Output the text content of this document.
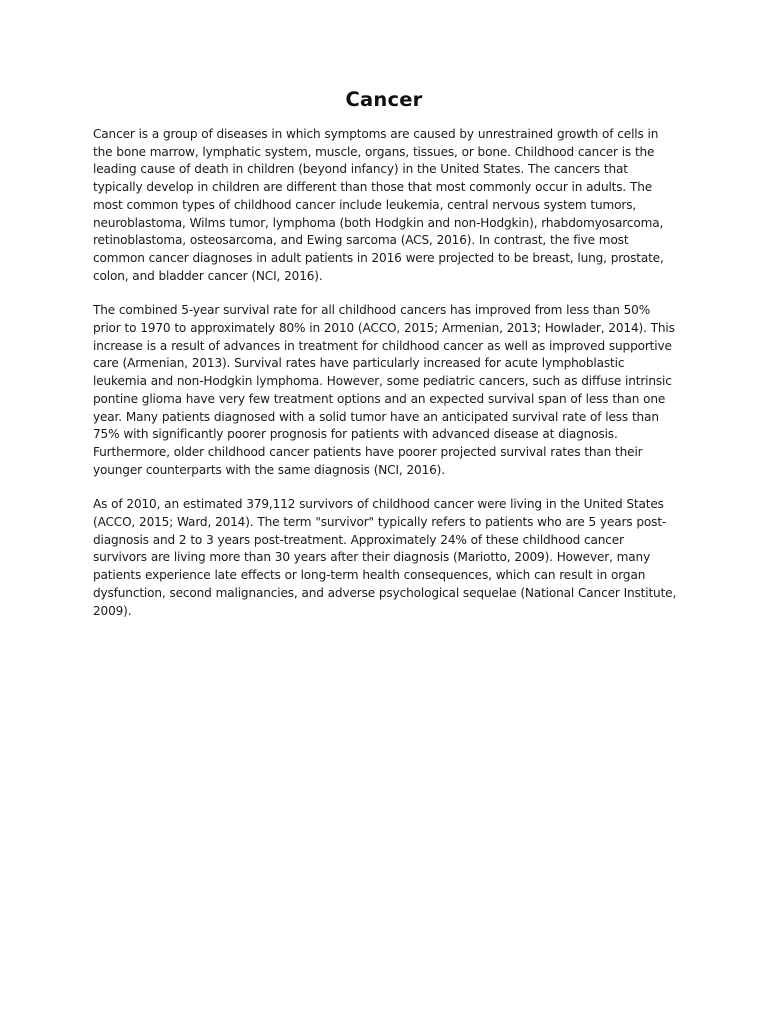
Cancer

Cancer is a group of diseases in which symptoms are caused by unrestrained growth of cells in the bone marrow, lymphatic system, muscle, organs, tissues, or bone. Childhood cancer is the leading cause of death in children (beyond infancy) in the United States. The cancers that typically develop in children are different than those that most commonly occur in adults. The most common types of childhood cancer include leukemia, central nervous system tumors, neuroblastoma, Wilms tumor, lymphoma (both Hodgkin and non-Hodgkin), rhabdomyosarcoma, retinoblastoma, osteosarcoma, and Ewing sarcoma (ACS, 2016). In contrast, the five most common cancer diagnoses in adult patients in 2016 were projected to be breast, lung, prostate, colon, and bladder cancer (NCI, 2016).

The combined 5-year survival rate for all childhood cancers has improved from less than 50% prior to 1970 to approximately 80% in 2010 (ACCO, 2015; Armenian, 2013; Howlader, 2014). This increase is a result of advances in treatment for childhood cancer as well as improved supportive care (Armenian, 2013). Survival rates have particularly increased for acute lymphoblastic leukemia and non-Hodgkin lymphoma. However, some pediatric cancers, such as diffuse intrinsic pontine glioma have very few treatment options and an expected survival span of less than one year. Many patients diagnosed with a solid tumor have an anticipated survival rate of less than 75% with significantly poorer prognosis for patients with advanced disease at diagnosis. Furthermore, older childhood cancer patients have poorer projected survival rates than their younger counterparts with the same diagnosis (NCI, 2016).

As of 2010, an estimated 379,112 survivors of childhood cancer were living in the United States (ACCO, 2015; Ward, 2014). The term "survivor" typically refers to patients who are 5 years post-diagnosis and 2 to 3 years post-treatment. Approximately 24% of these childhood cancer survivors are living more than 30 years after their diagnosis (Mariotto, 2009). However, many patients experience late effects or long-term health consequences, which can result in organ dysfunction, second malignancies, and adverse psychological sequelae (National Cancer Institute, 2009).
